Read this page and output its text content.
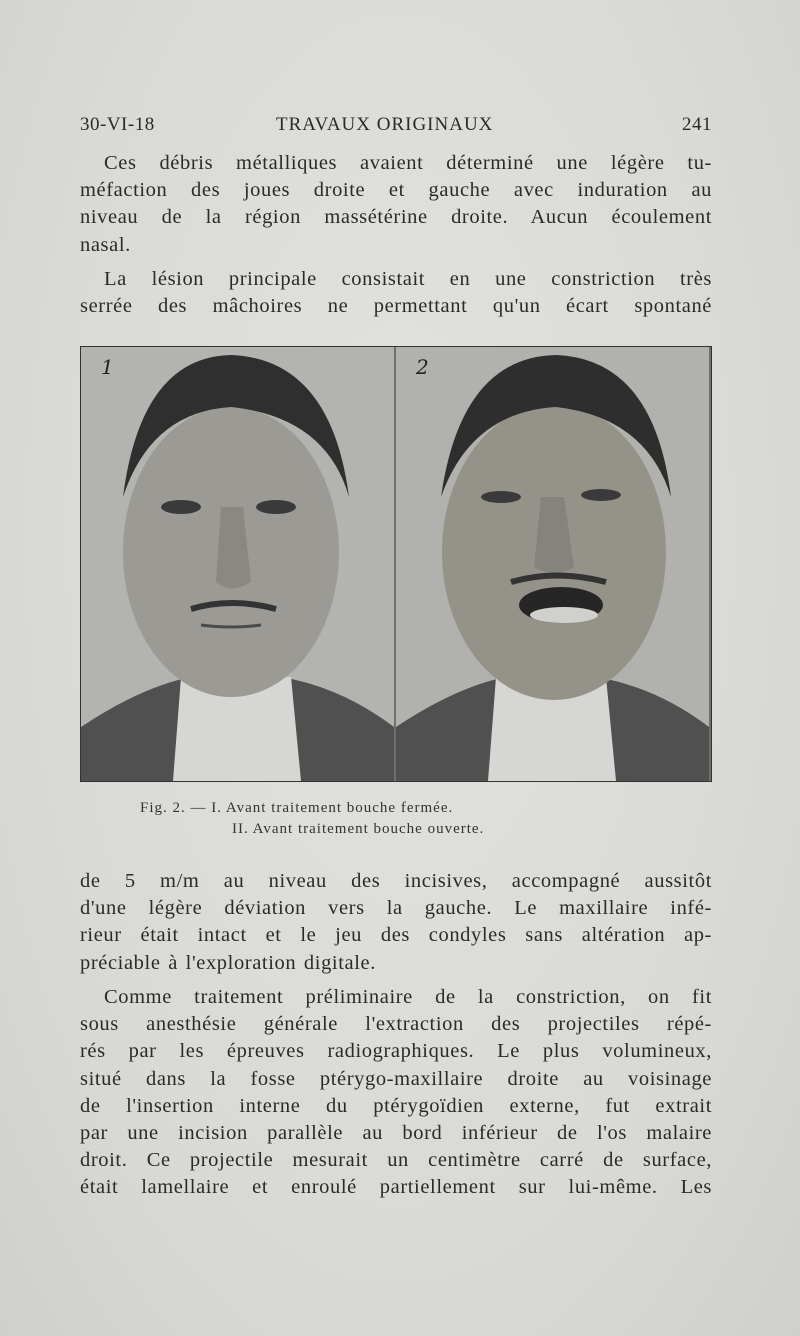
30-VI-18	TRAVAUX ORIGINAUX	241

Ces débris métalliques avaient déterminé une légère tu-
méfaction des joues droite et gauche avec induration au
niveau de la région massétérine droite. Aucun écoulement
nasal.

La lésion principale consistait en une constriction très
serrée des mâchoires ne permettant qu'un écart spontané

1	2
Fig. 2. — I. Avant traitement bouche fermée.
II. Avant traitement bouche ouverte.

de 5 m/m au niveau des incisives, accompagné aussitôt
d'une légère déviation vers la gauche. Le maxillaire infé-
rieur était intact et le jeu des condyles sans altération ap-
préciable à l'exploration digitale.

Comme traitement préliminaire de la constriction, on fit
sous anesthésie générale l'extraction des projectiles répé-
rés par les épreuves radiographiques. Le plus volumineux,
situé dans la fosse ptérygo-maxillaire droite au voisinage
de l'insertion interne du ptérygoïdien externe, fut extrait
par une incision parallèle au bord inférieur de l'os malaire
droit. Ce projectile mesurait un centimètre carré de surface,
était lamellaire et enroulé partiellement sur lui-même. Les
